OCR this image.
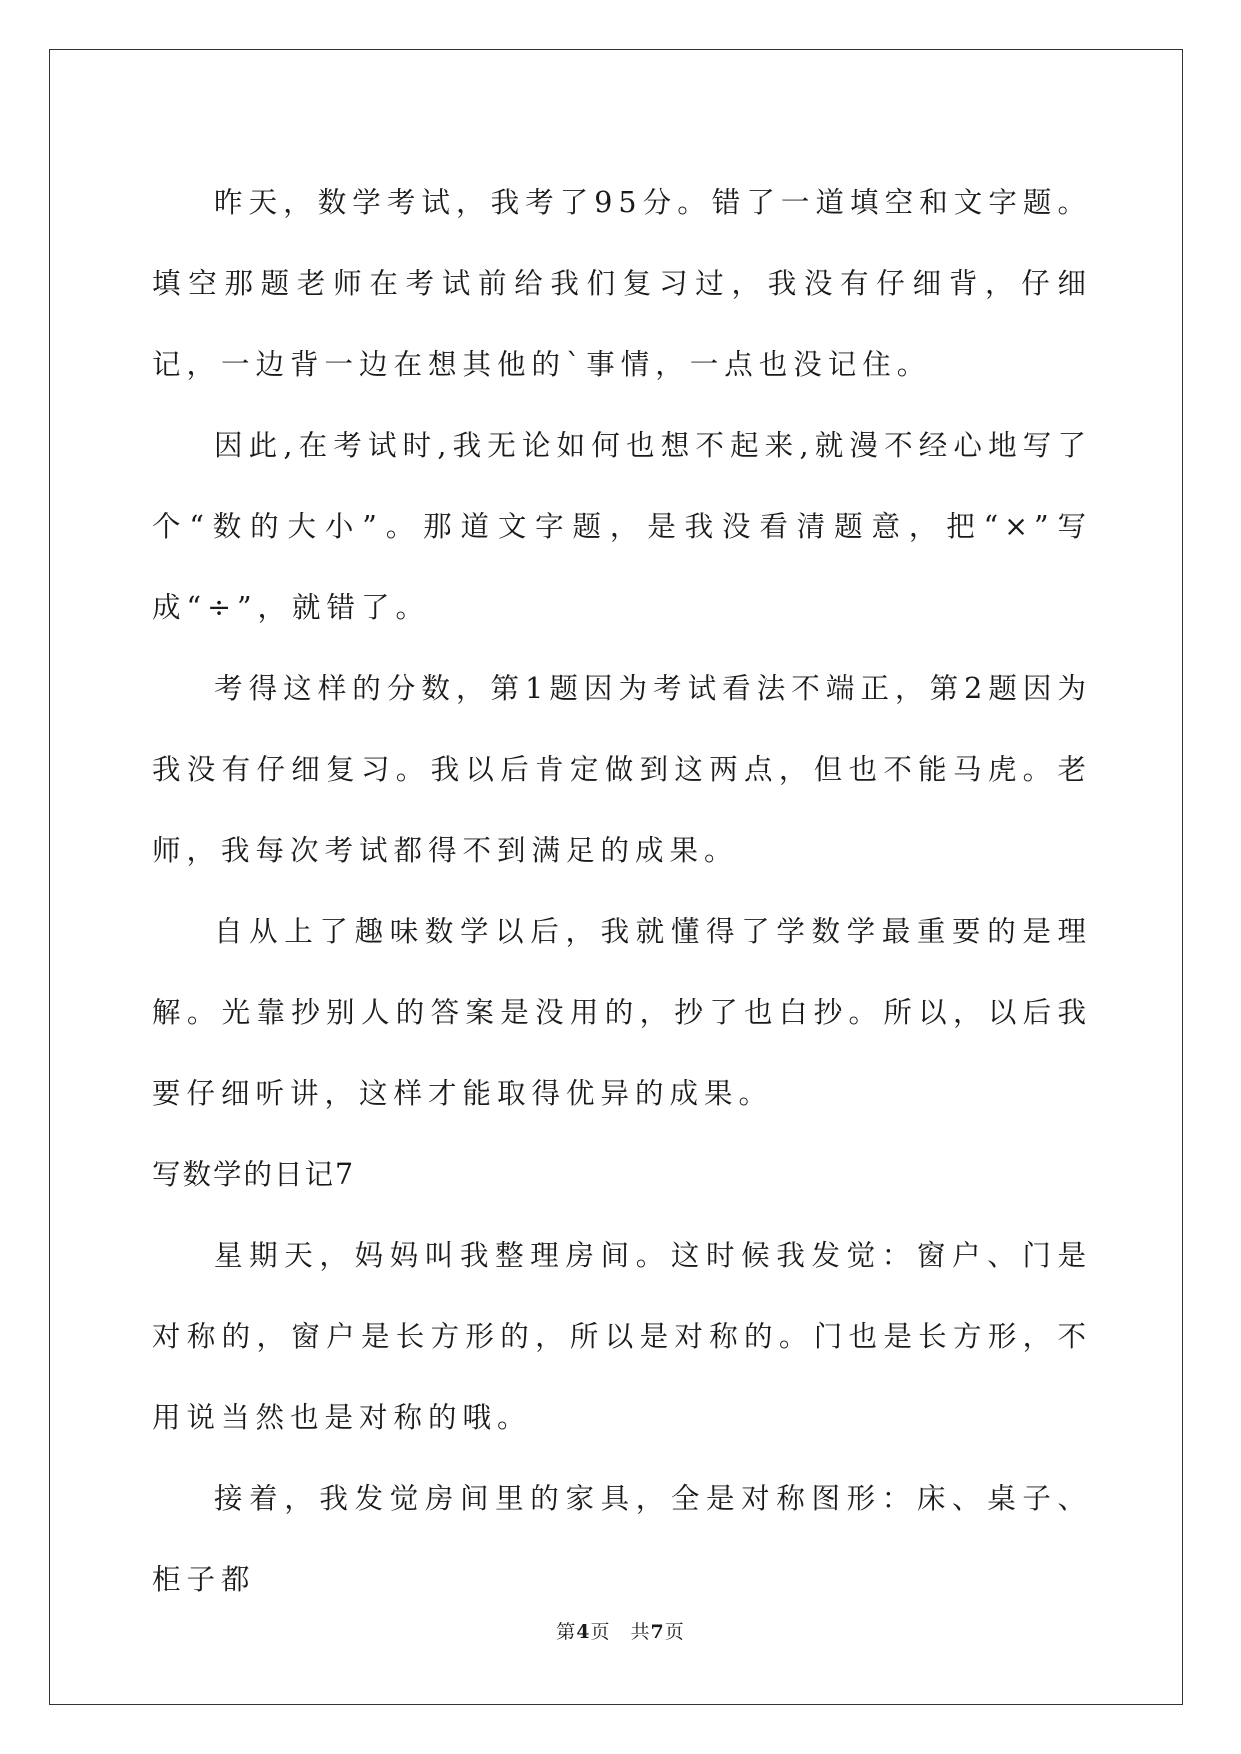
昨天，数学考试，我考了95分。错了一道填空和文字题。填空那题老师在考试前给我们复习过，我没有仔细背，仔细记，一边背一边在想其他的`事情，一点也没记住。

因此,在考试时,我无论如何也想不起来,就漫不经心地写了个“数的大小”。那道文字题，是我没看清题意，把“×”写成“÷”，就错了。

考得这样的分数，第1题因为考试看法不端正，第2题因为我没有仔细复习。我以后肯定做到这两点，但也不能马虎。老师，我每次考试都得不到满足的成果。

自从上了趣味数学以后，我就懂得了学数学最重要的是理解。光靠抄别人的答案是没用的，抄了也白抄。所以，以后我要仔细听讲，这样才能取得优异的成果。

写数学的日记7

星期天，妈妈叫我整理房间。这时候我发觉：窗户、门是对称的，窗户是长方形的，所以是对称的。门也是长方形，不用说当然也是对称的哦。

接着，我发觉房间里的家具，全是对称图形：床、桌子、柜子都

第4页　共7页
